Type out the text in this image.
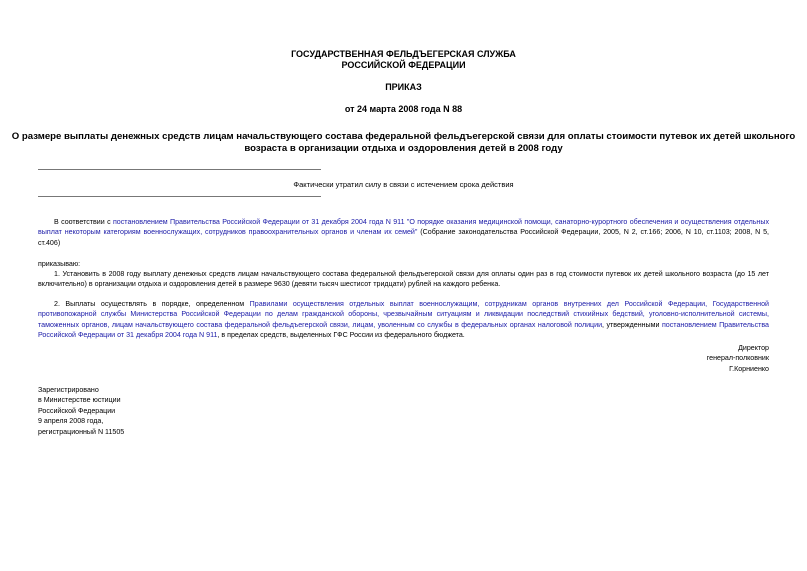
ГОСУДАРСТВЕННАЯ ФЕЛЬДЪЕГЕРСКАЯ СЛУЖБА
РОССИЙСКОЙ ФЕДЕРАЦИИ
ПРИКАЗ
от 24 марта 2008 года N 88
О размере выплаты денежных средств лицам начальствующего состава федеральной фельдъегерской связи для оплаты стоимости путевок их детей школьного
возраста в организации отдыха и оздоровления детей в 2008 году
Фактически утратил силу в связи с истечением срока действия
В соответствии с постановлением Правительства Российской Федерации от 31 декабря 2004 года N 911 "О порядке оказания медицинской помощи, санаторно-курортного обеспечения и осуществления отдельных выплат некоторым категориям военнослужащих, сотрудников правоохранительных органов и членам их семей" (Собрание законодательства Российской Федерации, 2005, N 2, ст.166; 2006, N 10, ст.1103; 2008, N 5, ст.406)
приказываю:
1. Установить в 2008 году выплату денежных средств лицам начальствующего состава федеральной фельдъегерской связи для оплаты один раз в год стоимости путевок их детей школьного возраста (до 15 лет включительно) в организации отдыха и оздоровления детей в размере 9630 (девяти тысяч шестисот тридцати) рублей на каждого ребенка.
2. Выплаты осуществлять в порядке, определенном Правилами осуществления отдельных выплат военнослужащим, сотрудникам органов внутренних дел Российской Федерации, Государственной противопожарной службы Министерства Российской Федерации по делам гражданской обороны, чрезвычайным ситуациям и ликвидации последствий стихийных бедствий, уголовно-исполнительной системы, таможенных органов, лицам начальствующего состава федеральной фельдъегерской связи, лицам, уволенным со службы в федеральных органах налоговой полиции, утвержденными постановлением Правительства Российской Федерации от 31 декабря 2004 года N 911, в пределах средств, выделенных ГФС России из федерального бюджета.
Директор
генерал-полковник
Г.Корниенко
Зарегистрировано
в Министерстве юстиции
Российской Федерации
9 апреля 2008 года,
регистрационный N 11505
